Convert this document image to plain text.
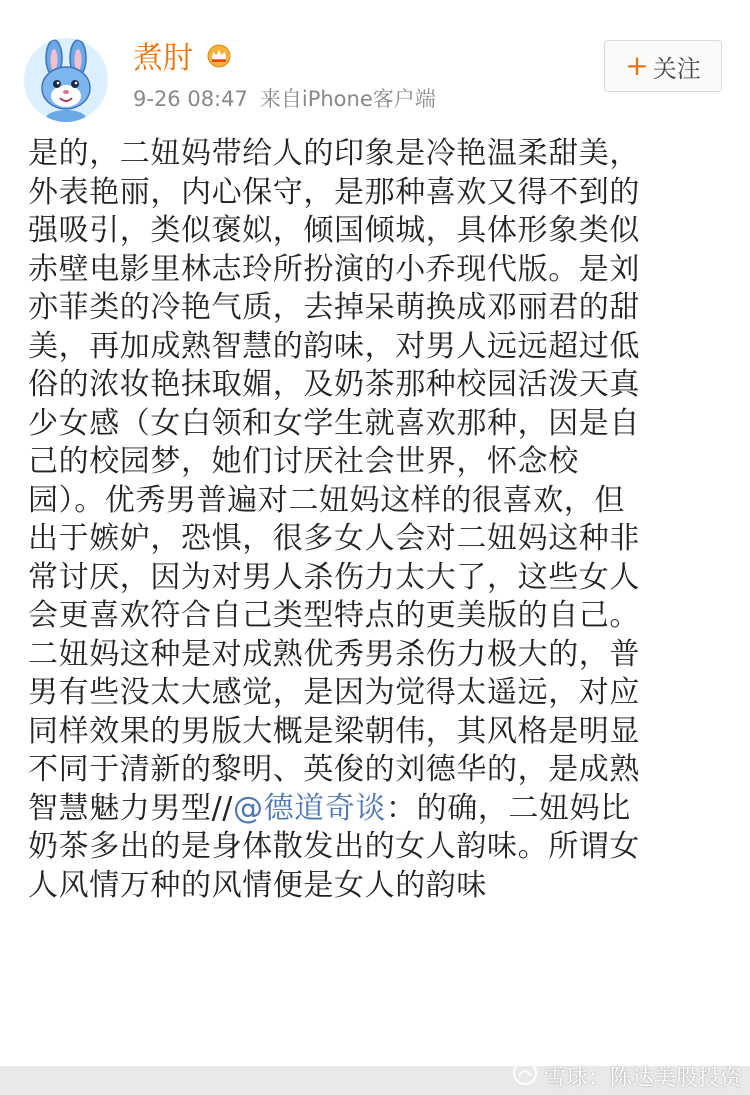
煮肘
9-26 08:47 来自iPhone客户端
+ 关注
是的，二妞妈带给人的印象是冷艳温柔甜美，
外表艳丽，内心保守，是那种喜欢又得不到的
强吸引，类似褒姒，倾国倾城，具体形象类似
赤壁电影里林志玲所扮演的小乔现代版。是刘
亦菲类的冷艳气质，去掉呆萌换成邓丽君的甜
美，再加成熟智慧的韵味，对男人远远超过低
俗的浓妆艳抹取媚，及奶茶那种校园活泼天真
少女感（女白领和女学生就喜欢那种，因是自
己的校园梦，她们讨厌社会世界，怀念校
园）。优秀男普遍对二妞妈这样的很喜欢，但
出于嫉妒，恐惧，很多女人会对二妞妈这种非
常讨厌，因为对男人杀伤力太大了，这些女人
会更喜欢符合自己类型特点的更美版的自己。
二妞妈这种是对成熟优秀男杀伤力极大的，普
男有些没太大感觉，是因为觉得太遥远，对应
同样效果的男版大概是梁朝伟，其风格是明显
不同于清新的黎明、英俊的刘德华的，是成熟
智慧魅力男型//@德道奇谈：的确，二妞妈比
奶茶多出的是身体散发出的女人韵味。所谓女
人风情万种的风情便是女人的韵味
雪球：陈达美股投资
